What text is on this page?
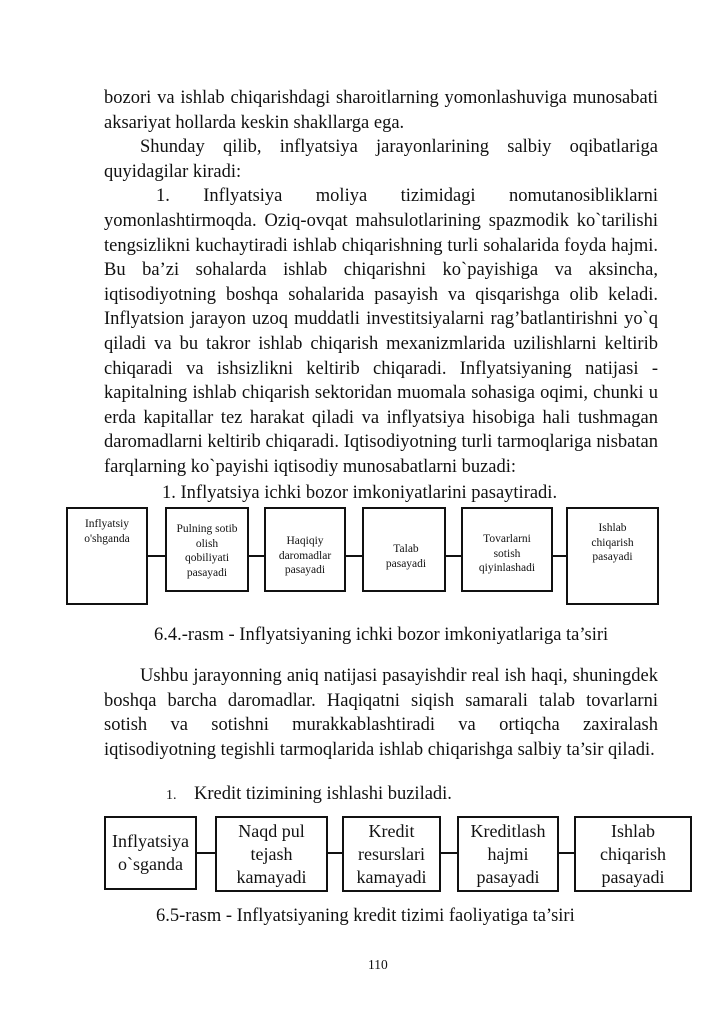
bozori va ishlab chiqarishdagi sharoitlarning yomonlashuviga munosabati aksariyat hollarda keskin shakllarga ega.

Shunday qilib, inflyatsiya jarayonlarining salbiy oqibatlariga quyidagilar kiradi:

1. Inflyatsiya moliya tizimidagi nomutanosibliklarni yomonlashtirmoqda. Oziq-ovqat mahsulotlarining spazmodik ko`tarilishi tengsizlikni kuchaytiradi ishlab chiqarishning turli sohalarida foyda hajmi. Bu ba’zi sohalarda ishlab chiqarishni ko`payishiga va aksincha, iqtisodiyotning boshqa sohalarida pasayish va qisqarishga olib keladi. Inflyatsion jarayon uzoq muddatli investitsiyalarni rag’batlantirishni yo`q qiladi va bu takror ishlab chiqarish mexanizmlarida uzilishlarni keltirib chiqaradi va ishsizlikni keltirib chiqaradi. Inflyatsiyaning natijasi - kapitalning ishlab chiqarish sektoridan muomala sohasiga oqimi, chunki u erda kapitallar tez harakat qiladi va inflyatsiya hisobiga hali tushmagan daromadlarni keltirib chiqaradi. Iqtisodiyotning turli tarmoqlariga nisbatan farqlarning ko`payishi iqtisodiy munosabatlarni buzadi:

1. Inflyatsiya ichki bozor imkoniyatlarini pasaytiradi.
Inflyatsiy
o'shganda
Pulning sotib
olish
qobiliyati
pasayadi
Haqiqiy
daromadlar
pasayadi
Talab
pasayadi
Tovarlarni
sotish
qiyinlashadi
Ishlab
chiqarish
pasayadi
6.4.-rasm - Inflyatsiyaning ichki bozor imkoniyatlariga ta’siri

Ushbu jarayonning aniq natijasi pasayishdir real ish haqi, shuningdek boshqa barcha daromadlar. Haqiqatni siqish samarali talab tovarlarni sotish va sotishni murakkablashtiradi va ortiqcha zaxiralash iqtisodiyotning tegishli tarmoqlarida ishlab chiqarishga salbiy ta’sir qiladi.

1. Kredit tizimining ishlashi buziladi.
Inflyatsiya
o`sganda
Naqd pul
tejash
kamayadi
Kredit
resurslari
kamayadi
Kreditlash
hajmi
pasayadi
Ishlab
chiqarish
pasayadi
6.5-rasm - Inflyatsiyaning kredit tizimi faoliyatiga ta’siri
110
